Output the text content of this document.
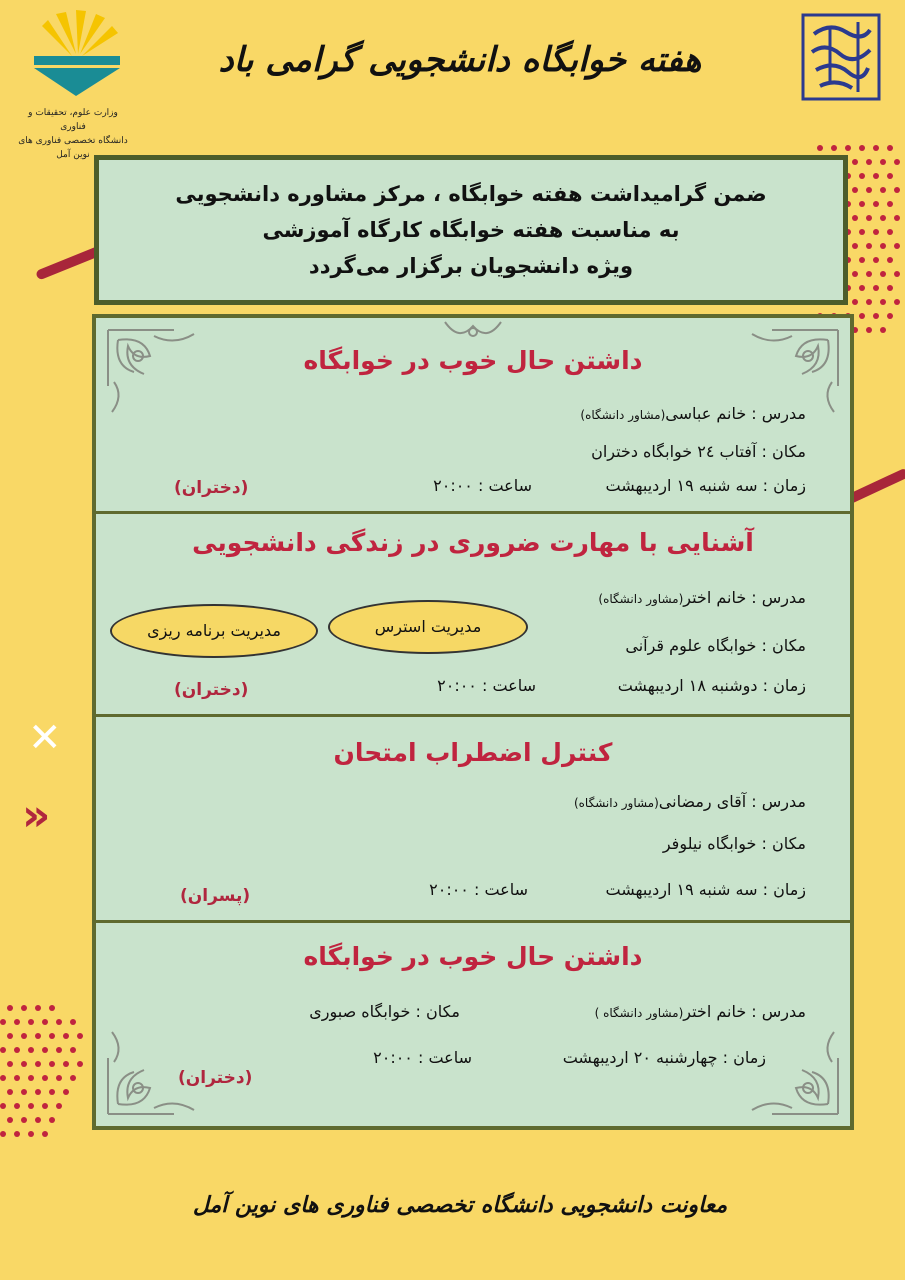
✕
»
وزارت علوم، تحقیقات و فناوری
دانشگاه تخصصی فناوری های نوین آمل
هفته خوابگاه دانشجویی گرامی باد
ضمن گرامیداشت هفته خوابگاه ، مرکز مشاوره دانشجویی
به مناسبت هفته خوابگاه کارگاه آموزشی
ویژه دانشجویان برگزار می‌گردد
داشتن حال خوب در خوابگاه
مدرس : خانم عباسی(مشاور دانشگاه)
مکان : آفتاب ٢٤ خوابگاه دختران
زمان : سه شنبه ١٩ اردیبهشت
ساعت : ٢٠:٠٠
(دختران)
آشنایی با مهارت ضروری در زندگی دانشجویی
مدرس : خانم اختر(مشاور دانشگاه)
مکان : خوابگاه علوم قرآنی
زمان : دوشنبه ١٨ اردیبهشت
ساعت : ٢٠:٠٠
مدیریت استرس
مدیریت برنامه ریزی
(دختران)
کنترل اضطراب امتحان
مدرس : آقای رمضانی(مشاور دانشگاه)
مکان : خوابگاه نیلوفر
زمان : سه شنبه ١٩ اردیبهشت
ساعت : ٢٠:٠٠
(پسران)
داشتن حال خوب در خوابگاه
مدرس : خانم اختر(مشاور دانشگاه )
مکان : خوابگاه صبوری
زمان : چهارشنبه ٢٠ اردیبهشت
ساعت : ٢٠:٠٠
(دختران)
معاونت دانشجویی دانشگاه تخصصی فناوری های نوین آمل
